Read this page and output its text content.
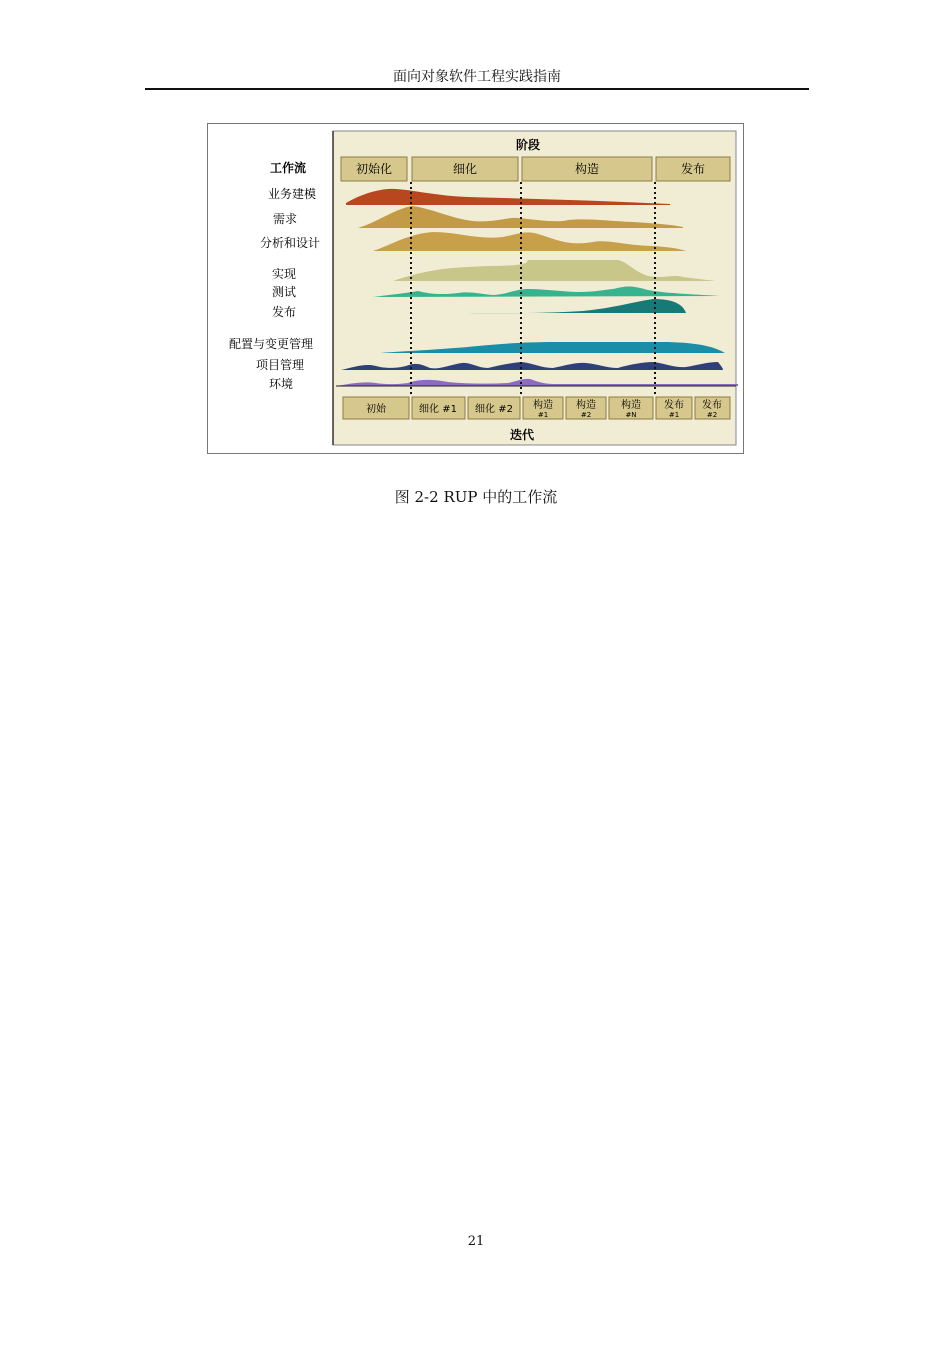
面向对象软件工程实践指南
阶段
初始化	细化	构造	发布
工作流
业务建模
需求
分析和设计
实现
测试
发布
配置与变更管理
项目管理
环境
初始	细化 #1 细化 #2 构造
#1
构造
#2
构造
#N
发布
#1
发布
#2
迭代
图 2-2 RUP 中的工作流
21
